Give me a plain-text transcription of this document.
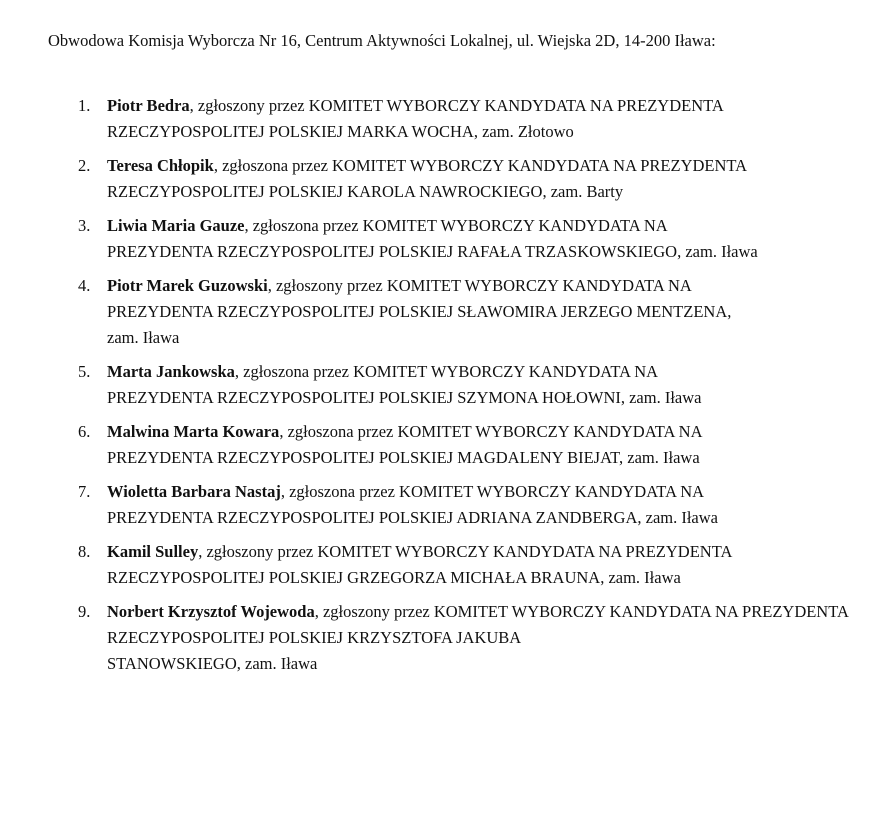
Obwodowa Komisja Wyborcza Nr 16, Centrum Aktywności Lokalnej, ul. Wiejska 2D, 14-200 Iława:
1.	Piotr Bedra, zgłoszony przez KOMITET WYBORCZY KANDYDATA NA PREZYDENTA
RZECZYPOSPOLITEJ POLSKIEJ MARKA WOCHA, zam. Złotowo
2.	Teresa Chłopik, zgłoszona przez KOMITET WYBORCZY KANDYDATA NA PREZYDENTA
RZECZYPOSPOLITEJ POLSKIEJ KAROLA NAWROCKIEGO, zam. Barty
3.	Liwia Maria Gauze, zgłoszona przez KOMITET WYBORCZY KANDYDATA NA
PREZYDENTA RZECZYPOSPOLITEJ POLSKIEJ RAFAŁA TRZASKOWSKIEGO, zam. Iława
4.	Piotr Marek Guzowski, zgłoszony przez KOMITET WYBORCZY KANDYDATA NA
PREZYDENTA RZECZYPOSPOLITEJ POLSKIEJ SŁAWOMIRA JERZEGO MENTZENA,
zam. Iława
5.	Marta Jankowska, zgłoszona przez KOMITET WYBORCZY KANDYDATA NA
PREZYDENTA RZECZYPOSPOLITEJ POLSKIEJ SZYMONA HOŁOWNI, zam. Iława
6.	Malwina Marta Kowara, zgłoszona przez KOMITET WYBORCZY KANDYDATA NA
PREZYDENTA RZECZYPOSPOLITEJ POLSKIEJ MAGDALENY BIEJAT, zam. Iława
7.	Wioletta Barbara Nastaj, zgłoszona przez KOMITET WYBORCZY KANDYDATA NA
PREZYDENTA RZECZYPOSPOLITEJ POLSKIEJ ADRIANA ZANDBERGA, zam. Iława
8.	Kamil Sulley, zgłoszony przez KOMITET WYBORCZY KANDYDATA NA PREZYDENTA
RZECZYPOSPOLITEJ POLSKIEJ GRZEGORZA MICHAŁA BRAUNA, zam. Iława
9.	Norbert Krzysztof Wojewoda, zgłoszony przez KOMITET WYBORCZY KANDYDATA NA PREZYDENTA
RZECZYPOSPOLITEJ POLSKIEJ KRZYSZTOFA JAKUBA
STANOWSKIEGO, zam. Iława
